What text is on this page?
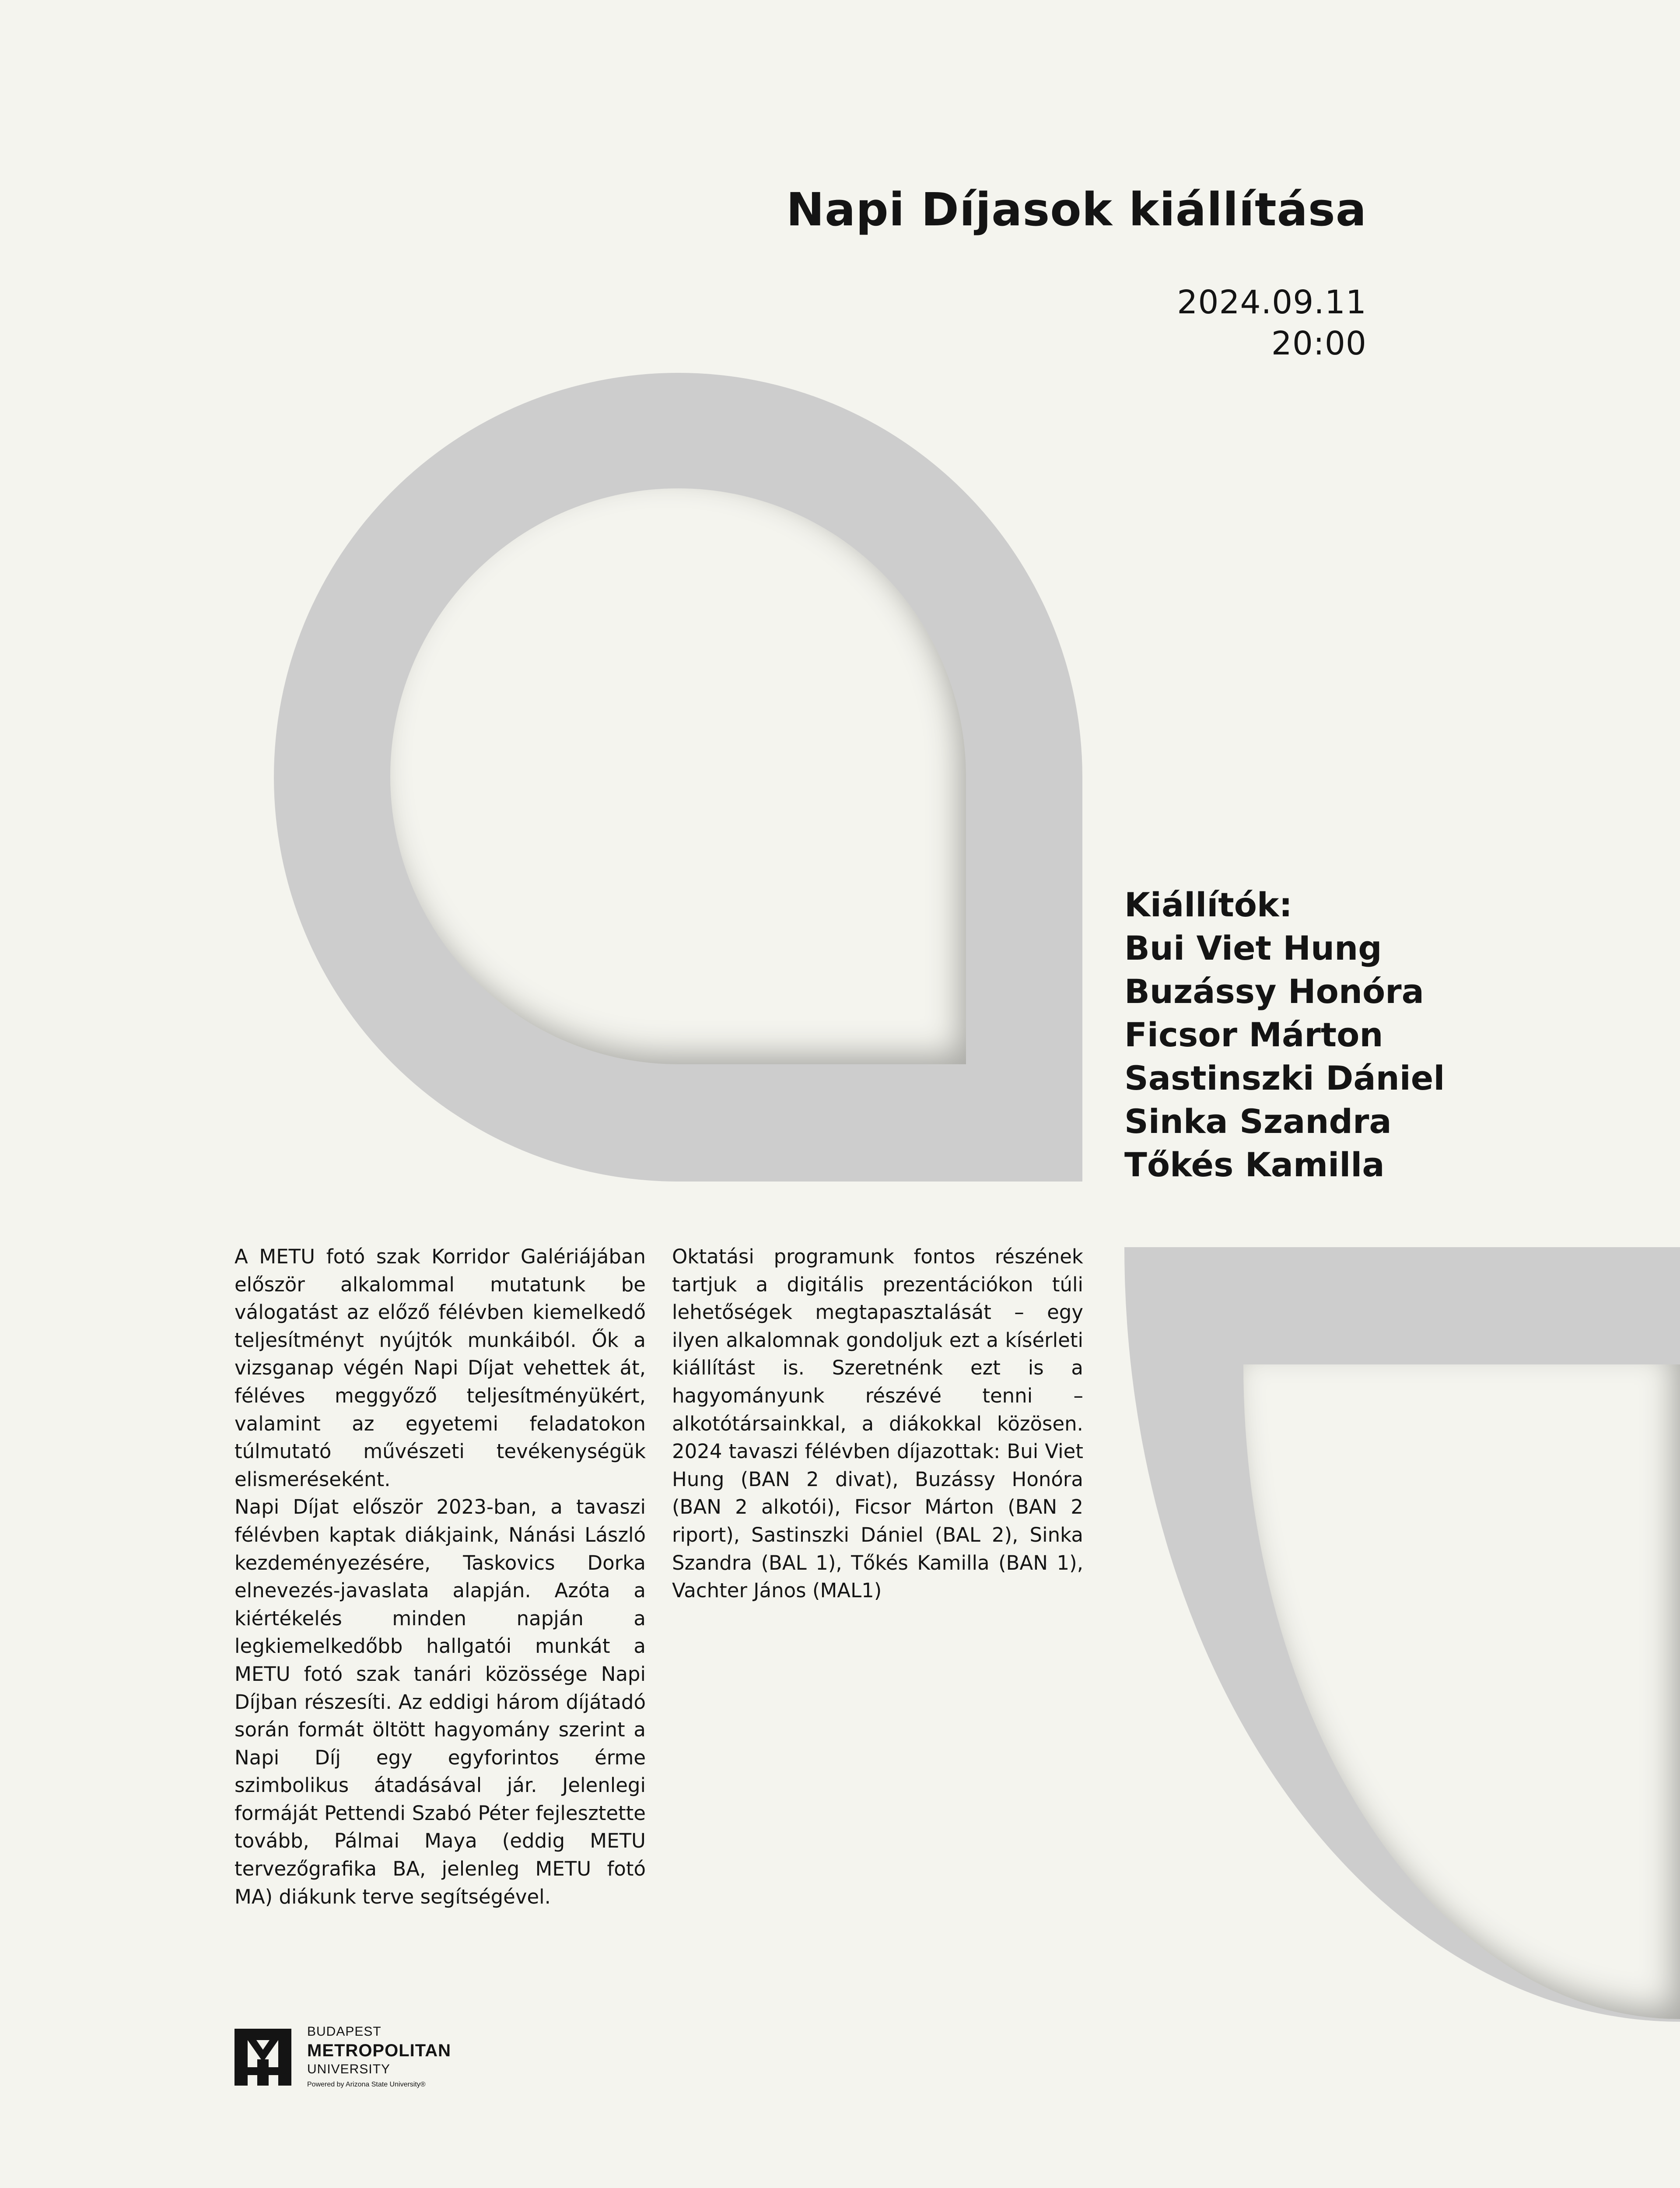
Napi Díjasok kiállítása
2024.09.11
20:00
Kiállítók:
Bui Viet Hung
Buzássy Honóra
Ficsor Márton
Sastinszki Dániel
Sinka Szandra
Tőkés Kamilla

A METU fotó szak Korridor Galériájában először alkalommal mutatunk be válogatást az előző félévben kiemelkedő teljesítményt nyújtók munkáiból. Ők a vizsganap végén Napi Díjat vehettek át, féléves meggyőző teljesítményükért, valamint az egyetemi feladatokon túlmutató művészeti tevékenységük elismeréseként.

Napi Díjat először 2023-ban, a tavaszi félévben kaptak diákjaink, Nánási László kezdeményezésére, Taskovics Dorka elnevezés-javaslata alapján. Azóta a kiértékelés minden napján a legkiemelkedőbb hallgatói munkát a METU fotó szak tanári közössége Napi Díjban részesíti. Az eddigi három díjátadó során formát öltött hagyomány szerint a Napi Díj egy egyforintos érme szimbolikus átadásával jár. Jelenlegi formáját Pettendi Szabó Péter fejlesztette tovább, Pálmai Maya (eddig METU tervezőgrafika BA, jelenleg METU fotó MA) diákunk terve segítségével.

Oktatási programunk fontos részének tartjuk a digitális prezentációkon túli lehetőségek megtapasztalását – egy ilyen alkalomnak gondoljuk ezt a kísérleti kiállítást is. Szeretnénk ezt is a hagyományunk részévé tenni – alkotótársainkkal, a diákokkal közösen. 2024 tavaszi félévben díjazottak: Bui Viet Hung (BAN 2 divat), Buzássy Honóra (BAN 2 alkotói), Ficsor Márton (BAN 2 riport), Sastinszki Dániel (BAL 2), Sinka Szandra (BAL 1), Tőkés Kamilla (BAN 1), Vachter János (MAL1)

BUDAPEST
METROPOLITAN
UNIVERSITY
Powered by Arizona State University®
